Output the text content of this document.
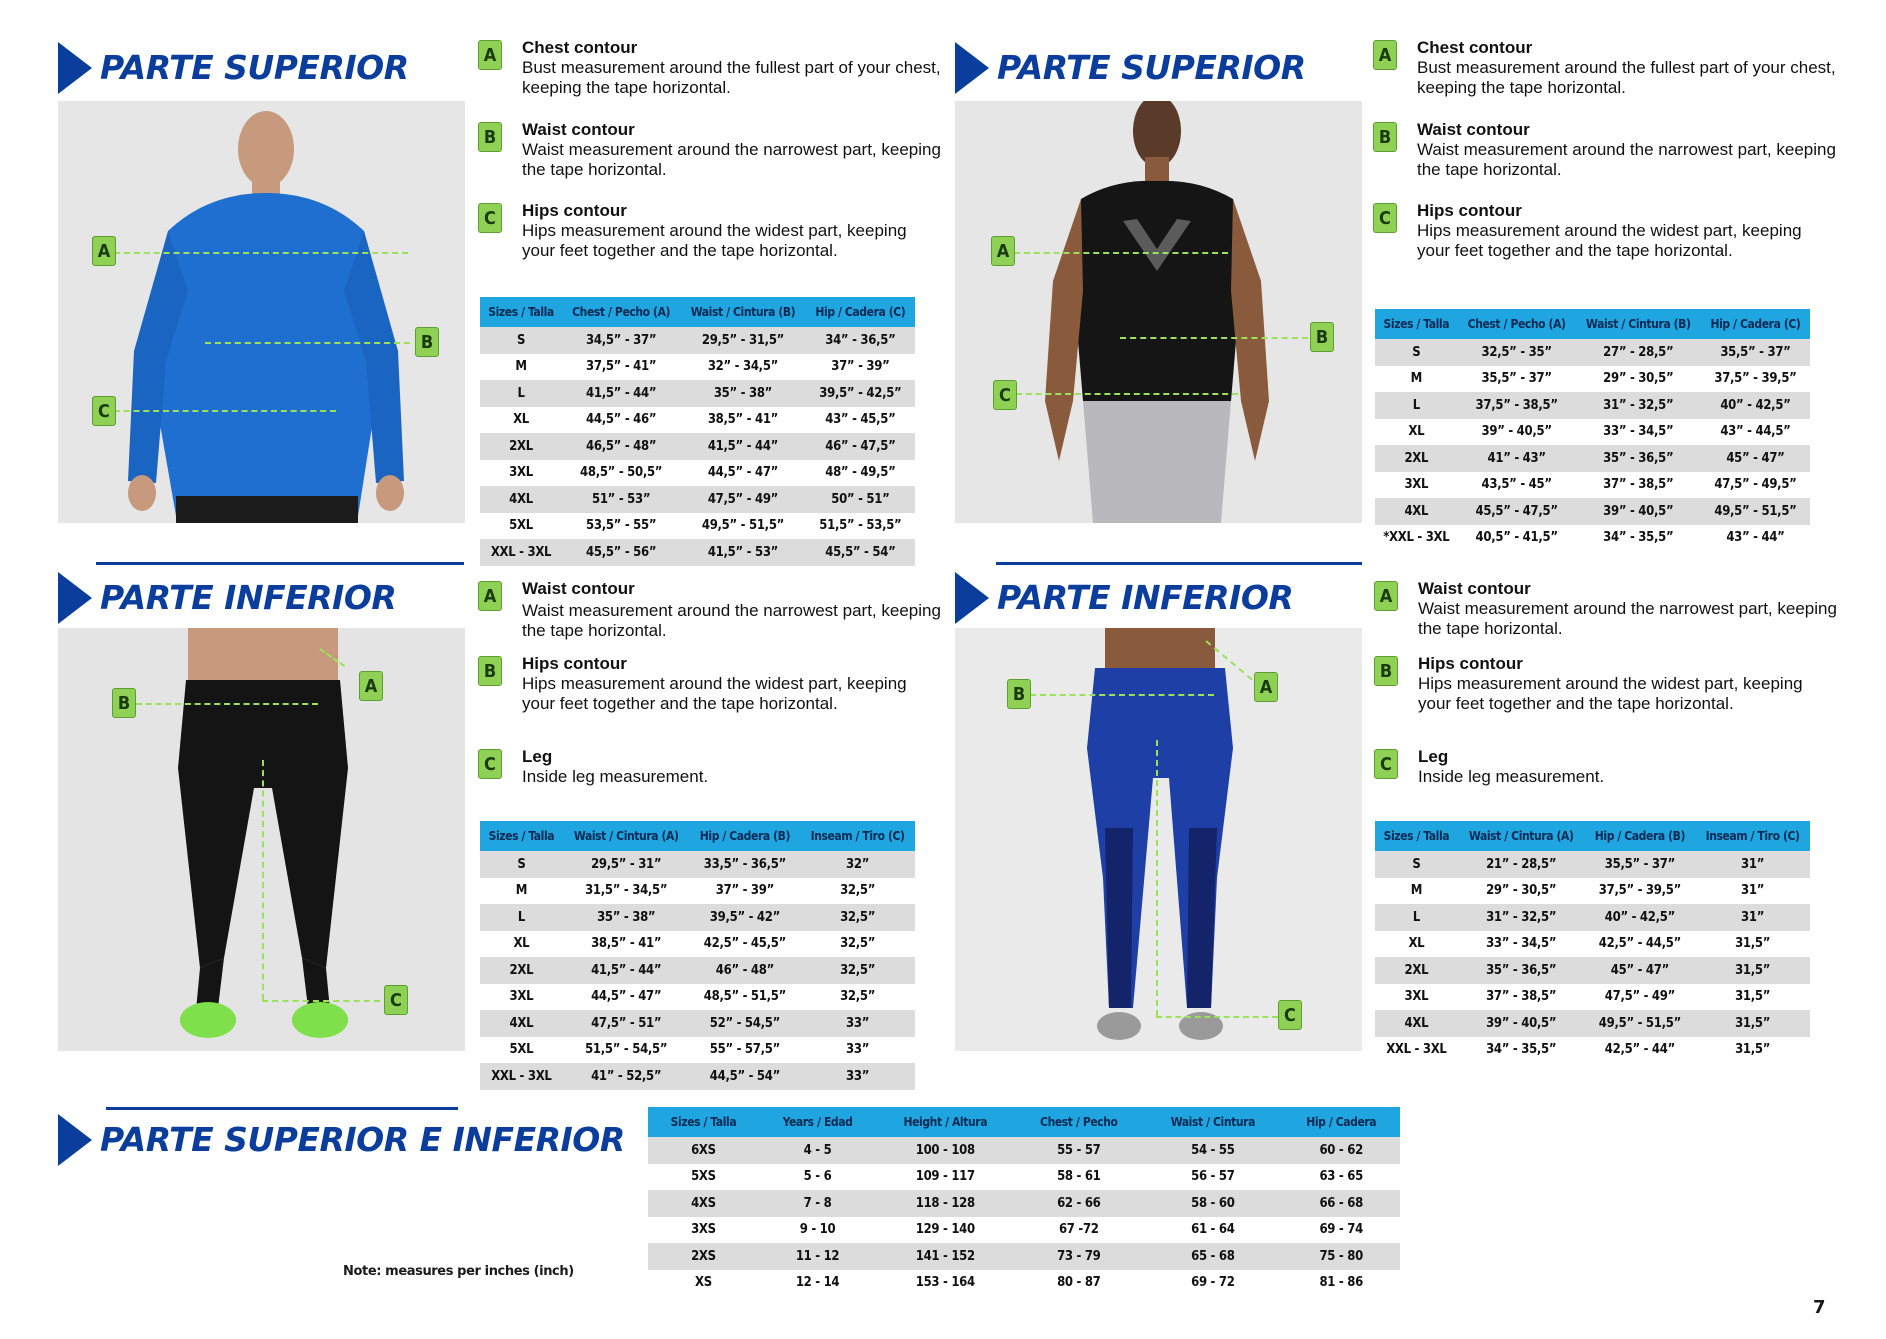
PARTE SUPERIOR	PARTE SUPERIOR
PARTE INFERIOR	PARTE INFERIOR
PARTE SUPERIOR E INFERIOR
A
B
C
A
B
C
A
B
C
A
B
C
A	Chest contour
Bust measurement around the fullest part of your chest, keeping the tape horizontal.
B	Waist contour
Waist measurement around the narrowest part, keeping the tape horizontal.
C	Hips contour
Hips measurement around the widest part, keeping your feet together and the tape horizontal.
A	Chest contour
Bust measurement around the fullest part of your chest, keeping the tape horizontal.
B	Waist contour
Waist measurement around the narrowest part, keeping the tape horizontal.
C	Hips contour
Hips measurement around the widest part, keeping your feet together and the tape horizontal.
A	Waist contour
Waist measurement around the narrowest part, keeping the tape horizontal.
B	Hips contour
Hips measurement around the widest part, keeping your feet together and the tape horizontal.
C	Leg
Inside leg measurement.
A	Waist contour
Waist measurement around the narrowest part, keeping the tape horizontal.
B	Hips contour
Hips measurement around the widest part, keeping your feet together and the tape horizontal.
C	Leg
Inside leg measurement.
Sizes / Talla	Chest / Pecho (A)	Waist / Cintura (B)	Hip / Cadera (C)
S	34,5” - 37”	29,5” - 31,5”	34” - 36,5”
M	37,5” - 41”	32” - 34,5”	37” - 39”
L	41,5” - 44”	35” - 38”	39,5” - 42,5”
XL	44,5” - 46”	38,5” - 41”	43” - 45,5”
2XL	46,5” - 48”	41,5” - 44”	46” - 47,5”
3XL	48,5” - 50,5”	44,5” - 47”	48” - 49,5”
4XL	51” - 53”	47,5” - 49”	50” - 51”
5XL	53,5” - 55”	49,5” - 51,5”	51,5” - 53,5”
XXL - 3XL	45,5” - 56”	41,5” - 53”	45,5” - 54”
Sizes / Talla	Chest / Pecho (A)	Waist / Cintura (B)	Hip / Cadera (C)
S	32,5” - 35”	27” - 28,5”	35,5” - 37”
M	35,5” - 37”	29” - 30,5”	37,5” - 39,5”
L	37,5” - 38,5”	31” - 32,5”	40” - 42,5”
XL	39” - 40,5”	33” - 34,5”	43” - 44,5”
2XL	41” - 43”	35” - 36,5”	45” - 47”
3XL	43,5” - 45”	37” - 38,5”	47,5” - 49,5”
4XL	45,5” - 47,5”	39” - 40,5”	49,5” - 51,5”
*XXL - 3XL	40,5” - 41,5”	34” - 35,5”	43” - 44”
Sizes / Talla	Waist / Cintura (A)	Hip / Cadera (B)	Inseam / Tiro (C)
S	29,5” - 31”	33,5” - 36,5”	32”
M	31,5” - 34,5”	37” - 39”	32,5”
L	35” - 38”	39,5” - 42”	32,5”
XL	38,5” - 41”	42,5” - 45,5”	32,5”
2XL	41,5” - 44”	46” - 48”	32,5”
3XL	44,5” - 47”	48,5” - 51,5”	32,5”
4XL	47,5” - 51”	52” - 54,5”	33”
5XL	51,5” - 54,5”	55” - 57,5”	33”
XXL - 3XL	41” - 52,5”	44,5” - 54”	33”
Sizes / Talla	Waist / Cintura (A)	Hip / Cadera (B)	Inseam / Tiro (C)
S	21” - 28,5”	35,5” - 37”	31”
M	29” - 30,5”	37,5” - 39,5”	31”
L	31” - 32,5”	40” - 42,5”	31”
XL	33” - 34,5”	42,5” - 44,5”	31,5”
2XL	35” - 36,5”	45” - 47”	31,5”
3XL	37” - 38,5”	47,5” - 49”	31,5”
4XL	39” - 40,5”	49,5” - 51,5”	31,5”
XXL - 3XL	34” - 35,5”	42,5” - 44”	31,5”
Sizes / Talla	Years / Edad	Height / Altura	Chest / Pecho	Waist / Cintura	Hip / Cadera
6XS	4 - 5	100 - 108	55 - 57	54 - 55	60 - 62
5XS	5 - 6	109 - 117	58 - 61	56 - 57	63 - 65
4XS	7 - 8	118 - 128	62 - 66	58 - 60	66 - 68
3XS	9 - 10	129 - 140	67 -72	61 - 64	69 - 74
2XS	11 - 12	141 - 152	73 - 79	65 - 68	75 - 80
XS	12 - 14	153 - 164	80 - 87	69 - 72	81 - 86
Note: measures per inches (inch)
7
